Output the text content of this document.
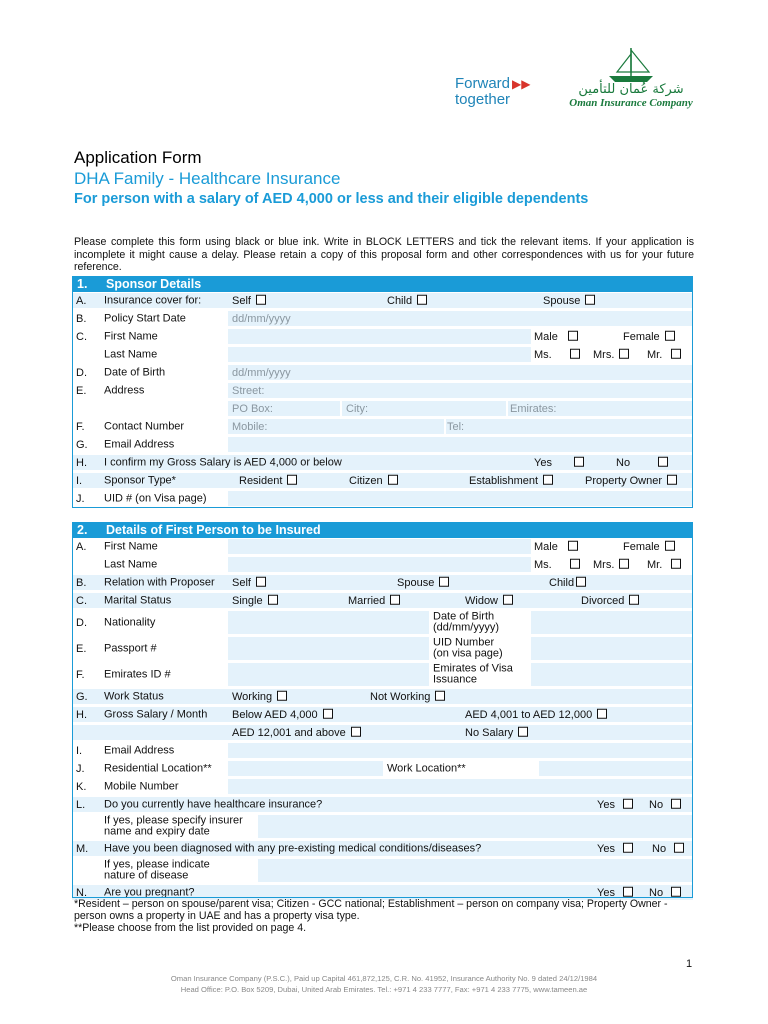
Forward ▶▶
together
شركة عُمان للتأمين
Oman Insurance Company
Application Form
DHA Family - Healthcare Insurance
For person with a salary of AED 4,000 or less and their eligible dependents
Please complete this form using black or blue ink. Write in BLOCK LETTERS and tick the relevant items. If your application is incomplete it might cause a delay. Please retain a copy of this proposal form and other correspondences with us for your future reference.
1.	Sponsor Details
A. Insurance cover for:	Self	Child	Spouse
B. Policy Start Date	dd/mm/yyyy
C. First Name	Male	Female
Last Name	Ms.	Mrs.	Mr.
D. Date of Birth	dd/mm/yyyy
E. Address	Street:
PO Box:	City:	Emirates:
F. Contact Number	Mobile:	Tel:
G. Email Address
H. I confirm my Gross Salary is AED 4,000 or below	Yes	No
I. Sponsor Type*	Resident	Citizen	Establishment	Property Owner
J. UID # (on Visa page)
2.	Details of First Person to be Insured
A. First Name	Male	Female
Last Name	Ms.	Mrs.	Mr.
B. Relation with Proposer Self	Spouse	Child
C. Marital Status	Single	Married	Widow	Divorced
D. Nationality	Date of Birth
(dd/mm/yyyy)
E. Passport #	UID Number
(on visa page)
F. Emirates ID #	Emirates of Visa
Issuance
G. Work Status	Working	Not Working
H. Gross Salary / Month Below AED 4,000	AED 4,001 to AED 12,000
AED 12,001 and above	No Salary
I. Email Address
J. Residential Location**	Work Location**
K. Mobile Number
L. Do you currently have healthcare insurance?	Yes	No
If yes, please specify insurer
name and expiry date
M. Have you been diagnosed with any pre-existing medical conditions/diseases?	Yes	No
If yes, please indicate
nature of disease
N. Are you pregnant?	Yes	No
*Resident – person on spouse/parent visa; Citizen - GCC national; Establishment – person on company visa; Property Owner - person owns a property in UAE and has a property visa type.
**Please choose from the list provided on page 4.
1
Oman Insurance Company (P.S.C.), Paid up Capital 461,872,125, C.R. No. 41952, Insurance Authority No. 9 dated 24/12/1984
Head Office: P.O. Box 5209, Dubai, United Arab Emirates. Tel.: +971 4 233 7777, Fax: +971 4 233 7775, www.tameen.ae
